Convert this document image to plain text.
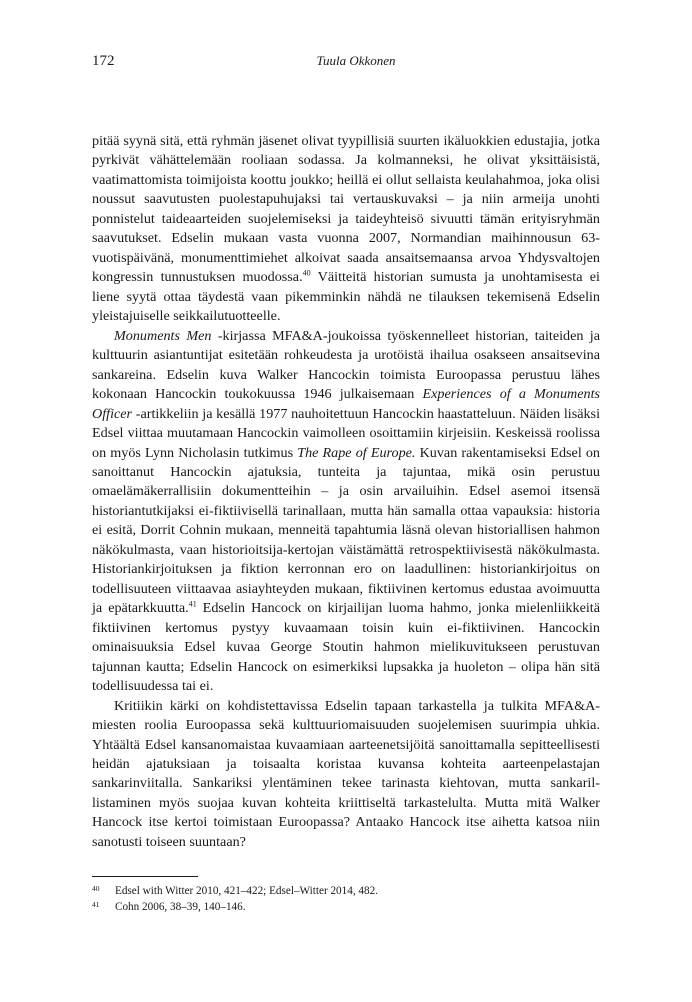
172	Tuula Okkonen

pitää syynä sitä, että ryhmän jäsenet olivat tyypillisiä suurten ikäluokkien edustajia, jotka pyrkivät vähättelemään rooliaan sodassa. Ja kolmanneksi, he olivat yksittäisistä, vaatimattomista toimijoista koottu joukko; heillä ei ollut sellaista keulahahmoa, joka olisi noussut saavutusten puolestapuhujaksi tai vertauskuvaksi – ja niin armeija unohti ponnistelut taideaarteiden suojelemiseksi ja taideyhteisö sivuutti tämän erityisryhmän saavutukset. Edselin mukaan vasta vuonna 2007, Normandian maihinnousun 63-vuotispäivänä, monumenttimiehet alkoivat saada ansaitsemaansa arvoa Yhdysvaltojen kongressin tunnustuksen muodossa.$^{40}$ Väitteitä historian sumusta ja unohtamisesta ei liene syytä ottaa täydestä vaan pikemminkin nähdä ne tilauksen tekemisenä Edselin yleistajuiselle seikkailutuotteelle.

Monuments Men -kirjassa MFA&A-joukoissa työskennelleet historian, taiteiden ja kulttuurin asiantuntijat esitetään rohkeudesta ja urotöistä ihailua osakseen ansaitsevina sankareina. Edselin kuva Walker Hancockin toimista Euroopassa perustuu lähes kokonaan Hancockin toukokuussa 1946 julkaisemaan Experiences of a Monuments Officer -artikkeliin ja kesällä 1977 nauhoitettuun Hancockin haastatteluun. Näiden lisäksi Edsel viittaa muutamaan Hancockin vaimolleen osoittamiin kirjeisiin. Keskeissä roolissa on myös Lynn Nicholasin tutkimus The Rape of Europe. Kuvan rakentamiseksi Edsel on sanoittanut Hancockin ajatuksia, tunteita ja tajuntaa, mikä osin perustuu omaelämäkerrallisiin dokumentteihin – ja osin arvailuihin. Edsel asemoi itsensä historiantutkijaksi ei-fiktiivisellä tarinallaan, mutta hän samalla ottaa vapauksia: historia ei esitä, Dorrit Cohnin mukaan, menneitä tapahtumia läsnä olevan historiallisen hahmon näkökulmasta, vaan historioitsija-kertojan väistämättä retrospektiivisestä näkökulmasta. Historiankirjoituksen ja fiktion kerronnan ero on laadullinen: historiankirjoitus on todellisuuteen viittaavaa asiayhteyden mukaan, fiktiivinen kertomus edustaa avoimuutta ja epätarkkuutta.$^{41}$ Edselin Hancock on kirjailijan luoma hahmo, jonka mielenliikkeitä fiktiivinen kertomus pystyy kuvaamaan toisin kuin ei-fiktiivinen. Hancockin ominaisuuksia Edsel kuvaa George Stoutin hahmon mielikuvitukseen perustuvan tajunnan kautta; Edselin Hancock on esimerkiksi lupsakka ja huoleton – olipa hän sitä todellisuudessa tai ei.

Kritiikin kärki on kohdistettavissa Edselin tapaan tarkastella ja tulkita MFA&A-miesten roolia Euroopassa sekä kulttuuriomaisuuden suojelemisen suurimpia uhkia. Yhtäältä Edsel kansanomaistaa kuvaamiaan aarteenetsijöitä sanoittamalla sepitteellisesti heidän ajatuksiaan ja toisaalta koristaa kuvansa kohteita aarteenpelastajan sankarinviitalla. Sankariksi ylentäminen tekee tarinasta kiehtovan, mutta sankarillistaminen myös suojaa kuvan kohteita kriittiseltä tarkastelulta. Mutta mitä Walker Hancock itse kertoi toimistaan Euroopassa? Antaako Hancock itse aihetta katsoa niin sanotusti toiseen suuntaan?

40 Edsel with Witter 2010, 421–422; Edsel–Witter 2014, 482.
41 Cohn 2006, 38–39, 140–146.
